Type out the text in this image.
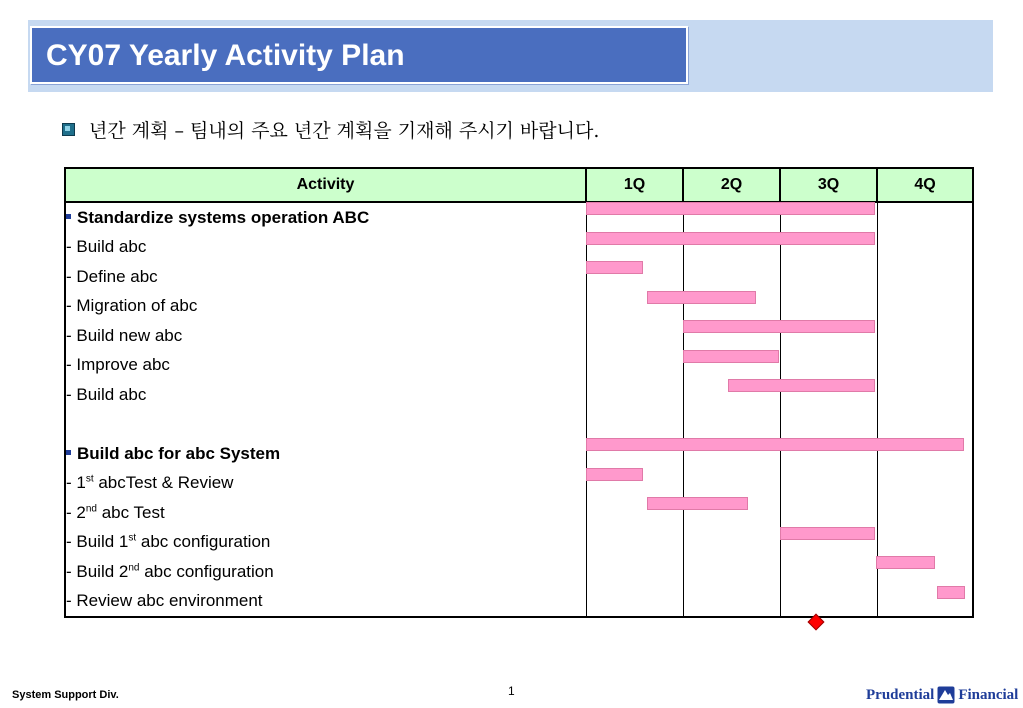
CY07 Yearly Activity Plan
년간 계획 – 팀내의 주요 년간 계획을 기재해 주시기 바랍니다.
Activity	1Q	2Q	3Q	4Q
Standardize systems operation ABC				
- Build abc				
- Define abc				
- Migration of abc				
- Build new abc				
- Improve abc				
- Build abc				

Build abc for abc System				
- 1st abcTest & Review				
- 2nd abc Test				
- Build 1st abc configuration				
- Build 2nd abc configuration				
- Review abc environment				
System Support Div.	1	Prudential Financial
